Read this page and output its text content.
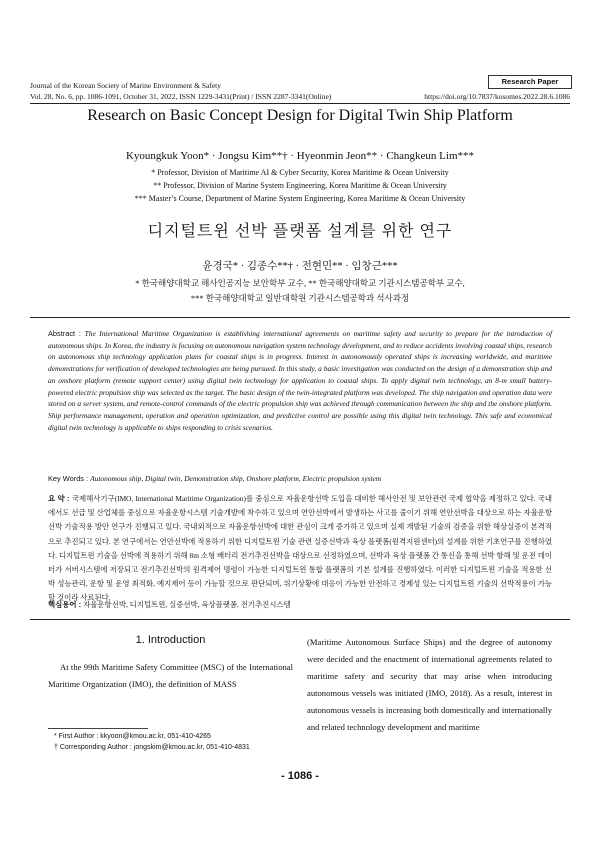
Journal of the Korean Society of Marine Environment & Safety
Vol. 28, No. 6, pp. 1086-1091, October 31, 2022, ISSN 1229-3431(Print) / ISSN 2287-3341(Online)
Research Paper
https://doi.org/10.7837/kosomes.2022.28.6.1086
Research on Basic Concept Design for Digital Twin Ship Platform
Kyoungkuk Yoon* · Jongsu Kim**† · Hyeonmin Jeon** · Changkeun Lim***
* Professor, Division of Maritime AI & Cyber Security, Korea Maritime & Ocean University
** Professor, Division of Marine System Engineering, Korea Maritime & Ocean University
*** Master’s Course, Department of Marine System Engineering, Korea Maritime & Ocean University
디지털트윈 선박 플랫폼 설계를 위한 연구
윤경국* · 김종수**† · 전현민** · 임창근***
* 한국해양대학교 해사인공지능 보안학부 교수, ** 한국해양대학교 기관시스템공학부 교수,
*** 한국해양대학교 일반대학원 기관시스템공학과 석사과정
Abstract : The International Maritime Organization is establishing international agreements on maritime safety and security to prepare for the introduction of autonomous ships. In Korea, the industry is focusing on autonomous navigation system technology development, and to reduce accidents involving coastal ships, research on autonomous ship technology application plans for coastal ships is in progress. Interest in autonomously operated ships is increasing worldwide, and maritime demonstrations for verification of developed technologies are being pursued. In this study, a basic investigation was conducted on the design of a demonstration ship and an onshore platform (remote support center) using digital twin technology for application to coastal ships. To apply digital twin technology, an 8-m small battery-powered electric propulsion ship was selected as the target. The basic design of the twin-integrated platform was developed. The ship navigation and operation data were stored on a server system, and remote-control commands of the electric propulsion ship was achieved through communication between the ship and the onshore platform. Ship performance management, operation and operation optimization, and predictive control are possible using this digital twin technology. This safe and economical digital twin technology is applicable to ships responding to crisis scenarios.
Key Words : Autonomous ship, Digital twin, Demonstration ship, Onshore platform, Electric propulsion system
요 약 : 국제해사기구(IMO, International Maritime Organization)를 중심으로 자율운항선박 도입을 대비한 해사안전 및 보안관련 국제 협약을 제정하고 있다. 국내에서도 선급 및 산업체를 중심으로 자율운항시스템 기술개발에 착수하고 있으며 연안선박에서 발생하는 사고를 줄이기 위해 연안선박을 대상으로 하는 자율운항선박 기술적용 방안 연구가 진행되고 있다. 국내외적으로 자율운항선박에 대한 관심이 크게 증가하고 있으며 실제 개발된 기술의 검증을 위한 해상실증이 본격적으로 추진되고 있다. 본 연구에서는 연안선박에 적용하기 위한 디지털트윈 기술 관련 실증선박과 육상 플랫폼(원격지원센터)의 설계를 위한 기초연구를 진행하였다. 디지털트윈 기술을 선박에 적용하기 위해 8m 소형 배터리 전기추진선박을 대상으로 선정하였으며, 선박과 육상 플랫폼 간 통신을 통해 선박 항해 및 운전 데이터가 서버시스템에 저장되고 전기추진선박의 원격제어 명령이 가능한 디지털트윈 통합 플랫폼의 기본 설계를 진행하였다. 이러한 디지털트윈 기술을 적용한 선박 성능관리, 운항 및 운영 최적화, 예지제어 등이 가능할 것으로 판단되며, 위기상황에 대응이 가능한 안전하고 경제성 있는 디지털트윈 기술의 선박적용이 가능할 것이라 사료된다.
핵심용어 : 자율운항선박, 디지털트윈, 실증선박, 육상플랫폼, 전기추진시스템
1. Introduction
At the 99th Maritime Safety Committee (MSC) of the International Maritime Organization (IMO), the definition of MASS
(Maritime Autonomous Surface Ships) and the degree of autonomy were decided and the enactment of international agreements related to maritime safety and security that may arise when introducing autonomous vessels was initiated (IMO, 2018). As a result, interest in autonomous vessels is increasing both domestically and internationally and related technology development and maritime
* First Author : kkyoon@kmou.ac.kr, 051-410-4265
† Corresponding Author : jongskim@kmou.ac.kr, 051-410-4831
- 1086 -
